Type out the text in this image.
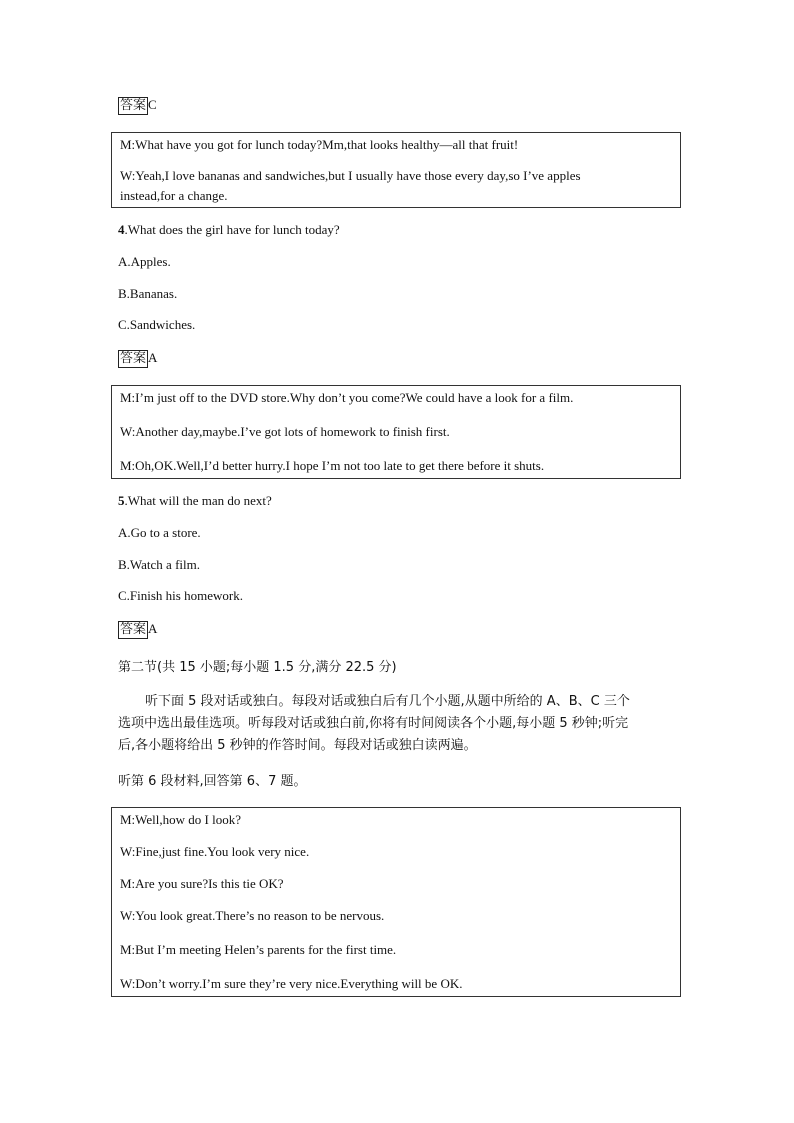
答案 C
M:What have you got for lunch today?Mm,that looks healthy—all that fruit!
W:Yeah,I love bananas and sandwiches,but I usually have those every day,so I’ve apples
instead,for a change.
4.What does the girl have for lunch today?
A.Apples.
B.Bananas.
C.Sandwiches.
答案 A
M:I’m just off to the DVD store.Why don’t you come?We could have a look for a film.
W:Another day,maybe.I’ve got lots of homework to finish first.
M:Oh,OK.Well,I’d better hurry.I hope I’m not too late to get there before it shuts.
5.What will the man do next?
A.Go to a store.
B.Watch a film.
C.Finish his homework.
答案 A
第二节(共 15 小题;每小题 1.5 分,满分 22.5 分)
听下面 5 段对话或独白。每段对话或独白后有几个小题,从题中所给的 A、B、C 三个
选项中选出最佳选项。听每段对话或独白前,你将有时间阅读各个小题,每小题 5 秒钟;听完
后,各小题将给出 5 秒钟的作答时间。每段对话或独白读两遍。
听第 6 段材料,回答第 6、7 题。
M:Well,how do I look?
W:Fine,just fine.You look very nice.
M:Are you sure?Is this tie OK?
W:You look great.There’s no reason to be nervous.
M:But I’m meeting Helen’s parents for the first time.
W:Don’t worry.I’m sure they’re very nice.Everything will be OK.
